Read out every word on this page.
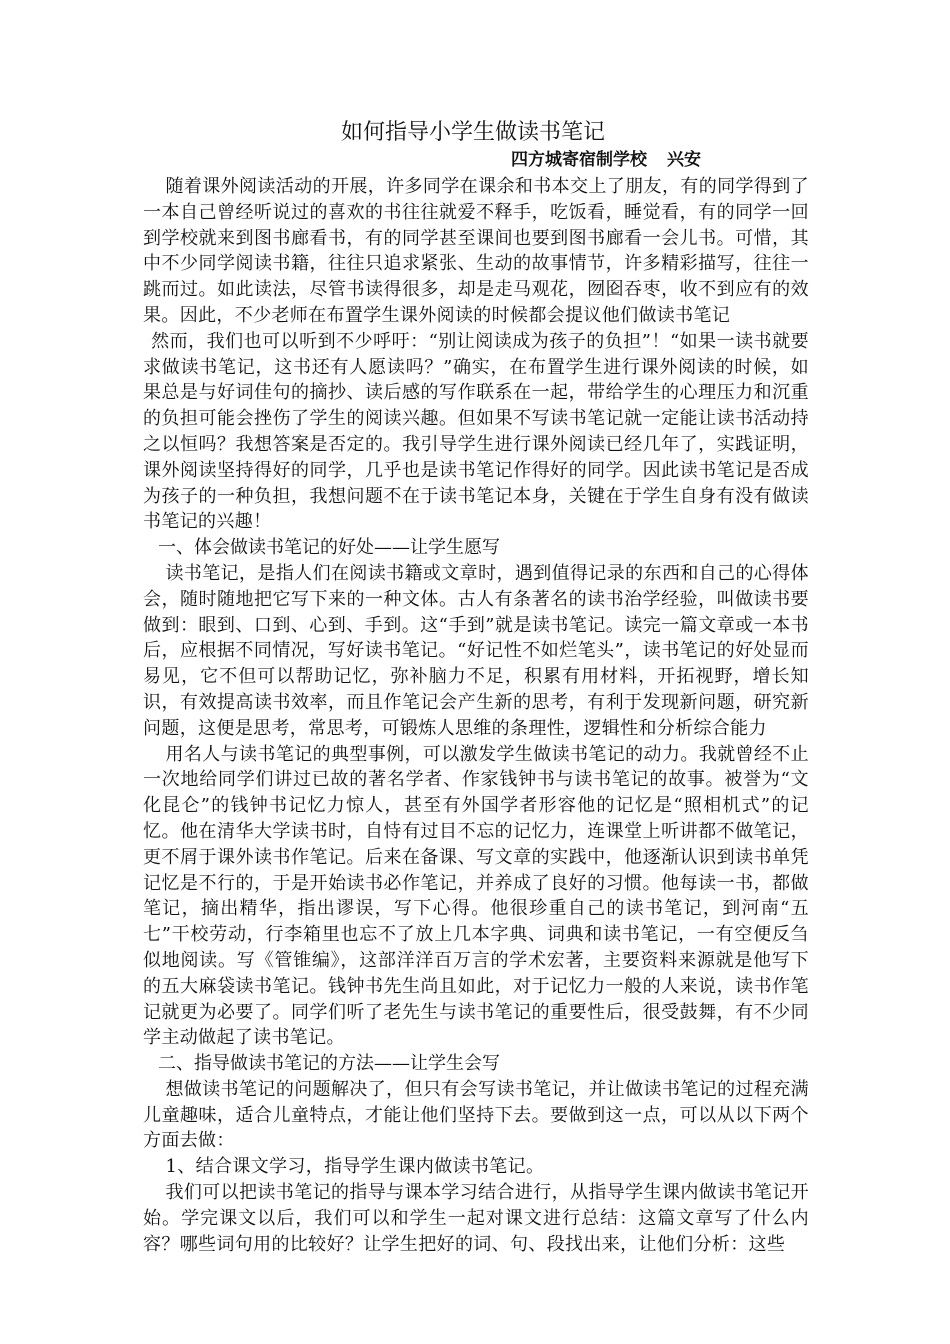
如何指导小学生做读书笔记
四方城寄宿制学校 兴安

随着课外阅读活动的开展，许多同学在课余和书本交上了朋友，有的同学得到了一本自己曾经听说过的喜欢的书往往就爱不释手，吃饭看，睡觉看，有的同学一回到学校就来到图书廊看书，有的同学甚至课间也要到图书廊看一会儿书。可惜，其中不少同学阅读书籍，往往只追求紧张、生动的故事情节，许多精彩描写，往往一跳而过。如此读法，尽管书读得很多，却是走马观花，囫囵吞枣，收不到应有的效果。因此，不少老师在布置学生课外阅读的时候都会提议他们做读书笔记

然而，我们也可以听到不少呼吁：“别让阅读成为孩子的负担”！“如果一读书就要求做读书笔记，这书还有人愿读吗？”确实，在布置学生进行课外阅读的时候，如果总是与好词佳句的摘抄、读后感的写作联系在一起，带给学生的心理压力和沉重的负担可能会挫伤了学生的阅读兴趣。但如果不写读书笔记就一定能让读书活动持之以恒吗？我想答案是否定的。我引导学生进行课外阅读已经几年了，实践证明，课外阅读坚持得好的同学，几乎也是读书笔记作得好的同学。因此读书笔记是否成为孩子的一种负担，我想问题不在于读书笔记本身，关键在于学生自身有没有做读书笔记的兴趣！

一、体会做读书笔记的好处——让学生愿写

读书笔记，是指人们在阅读书籍或文章时，遇到值得记录的东西和自己的心得体会，随时随地把它写下来的一种文体。古人有条著名的读书治学经验，叫做读书要做到：眼到、口到、心到、手到。这“手到”就是读书笔记。读完一篇文章或一本书后，应根据不同情况，写好读书笔记。“好记性不如烂笔头”，读书笔记的好处显而易见，它不但可以帮助记忆，弥补脑力不足，积累有用材料，开拓视野，增长知识，有效提高读书效率，而且作笔记会产生新的思考，有利于发现新问题，研究新问题，这便是思考，常思考，可锻炼人思维的条理性，逻辑性和分析综合能力

用名人与读书笔记的典型事例，可以激发学生做读书笔记的动力。我就曾经不止一次地给同学们讲过已故的著名学者、作家钱钟书与读书笔记的故事。被誉为“文化昆仑”的钱钟书记忆力惊人，甚至有外国学者形容他的记忆是“照相机式”的记忆。他在清华大学读书时，自恃有过目不忘的记忆力，连课堂上听讲都不做笔记，更不屑于课外读书作笔记。后来在备课、写文章的实践中，他逐渐认识到读书单凭记忆是不行的，于是开始读书必作笔记，并养成了良好的习惯。他每读一书，都做笔记，摘出精华，指出谬误，写下心得。他很珍重自己的读书笔记，到河南“五七”干校劳动，行李箱里也忘不了放上几本字典、词典和读书笔记，一有空便反刍似地阅读。写《管锥编》，这部洋洋百万言的学术宏著，主要资料来源就是他写下的五大麻袋读书笔记。钱钟书先生尚且如此，对于记忆力一般的人来说，读书作笔记就更为必要了。同学们听了老先生与读书笔记的重要性后，很受鼓舞，有不少同学主动做起了读书笔记。

二、指导做读书笔记的方法——让学生会写

想做读书笔记的问题解决了，但只有会写读书笔记，并让做读书笔记的过程充满儿童趣味，适合儿童特点，才能让他们坚持下去。要做到这一点，可以从以下两个方面去做：

1、结合课文学习，指导学生课内做读书笔记。

我们可以把读书笔记的指导与课本学习结合进行，从指导学生课内做读书笔记开始。学完课文以后，我们可以和学生一起对课文进行总结：这篇文章写了什么内容？哪些词句用的比较好？让学生把好的词、句、段找出来，让他们分析：这些
